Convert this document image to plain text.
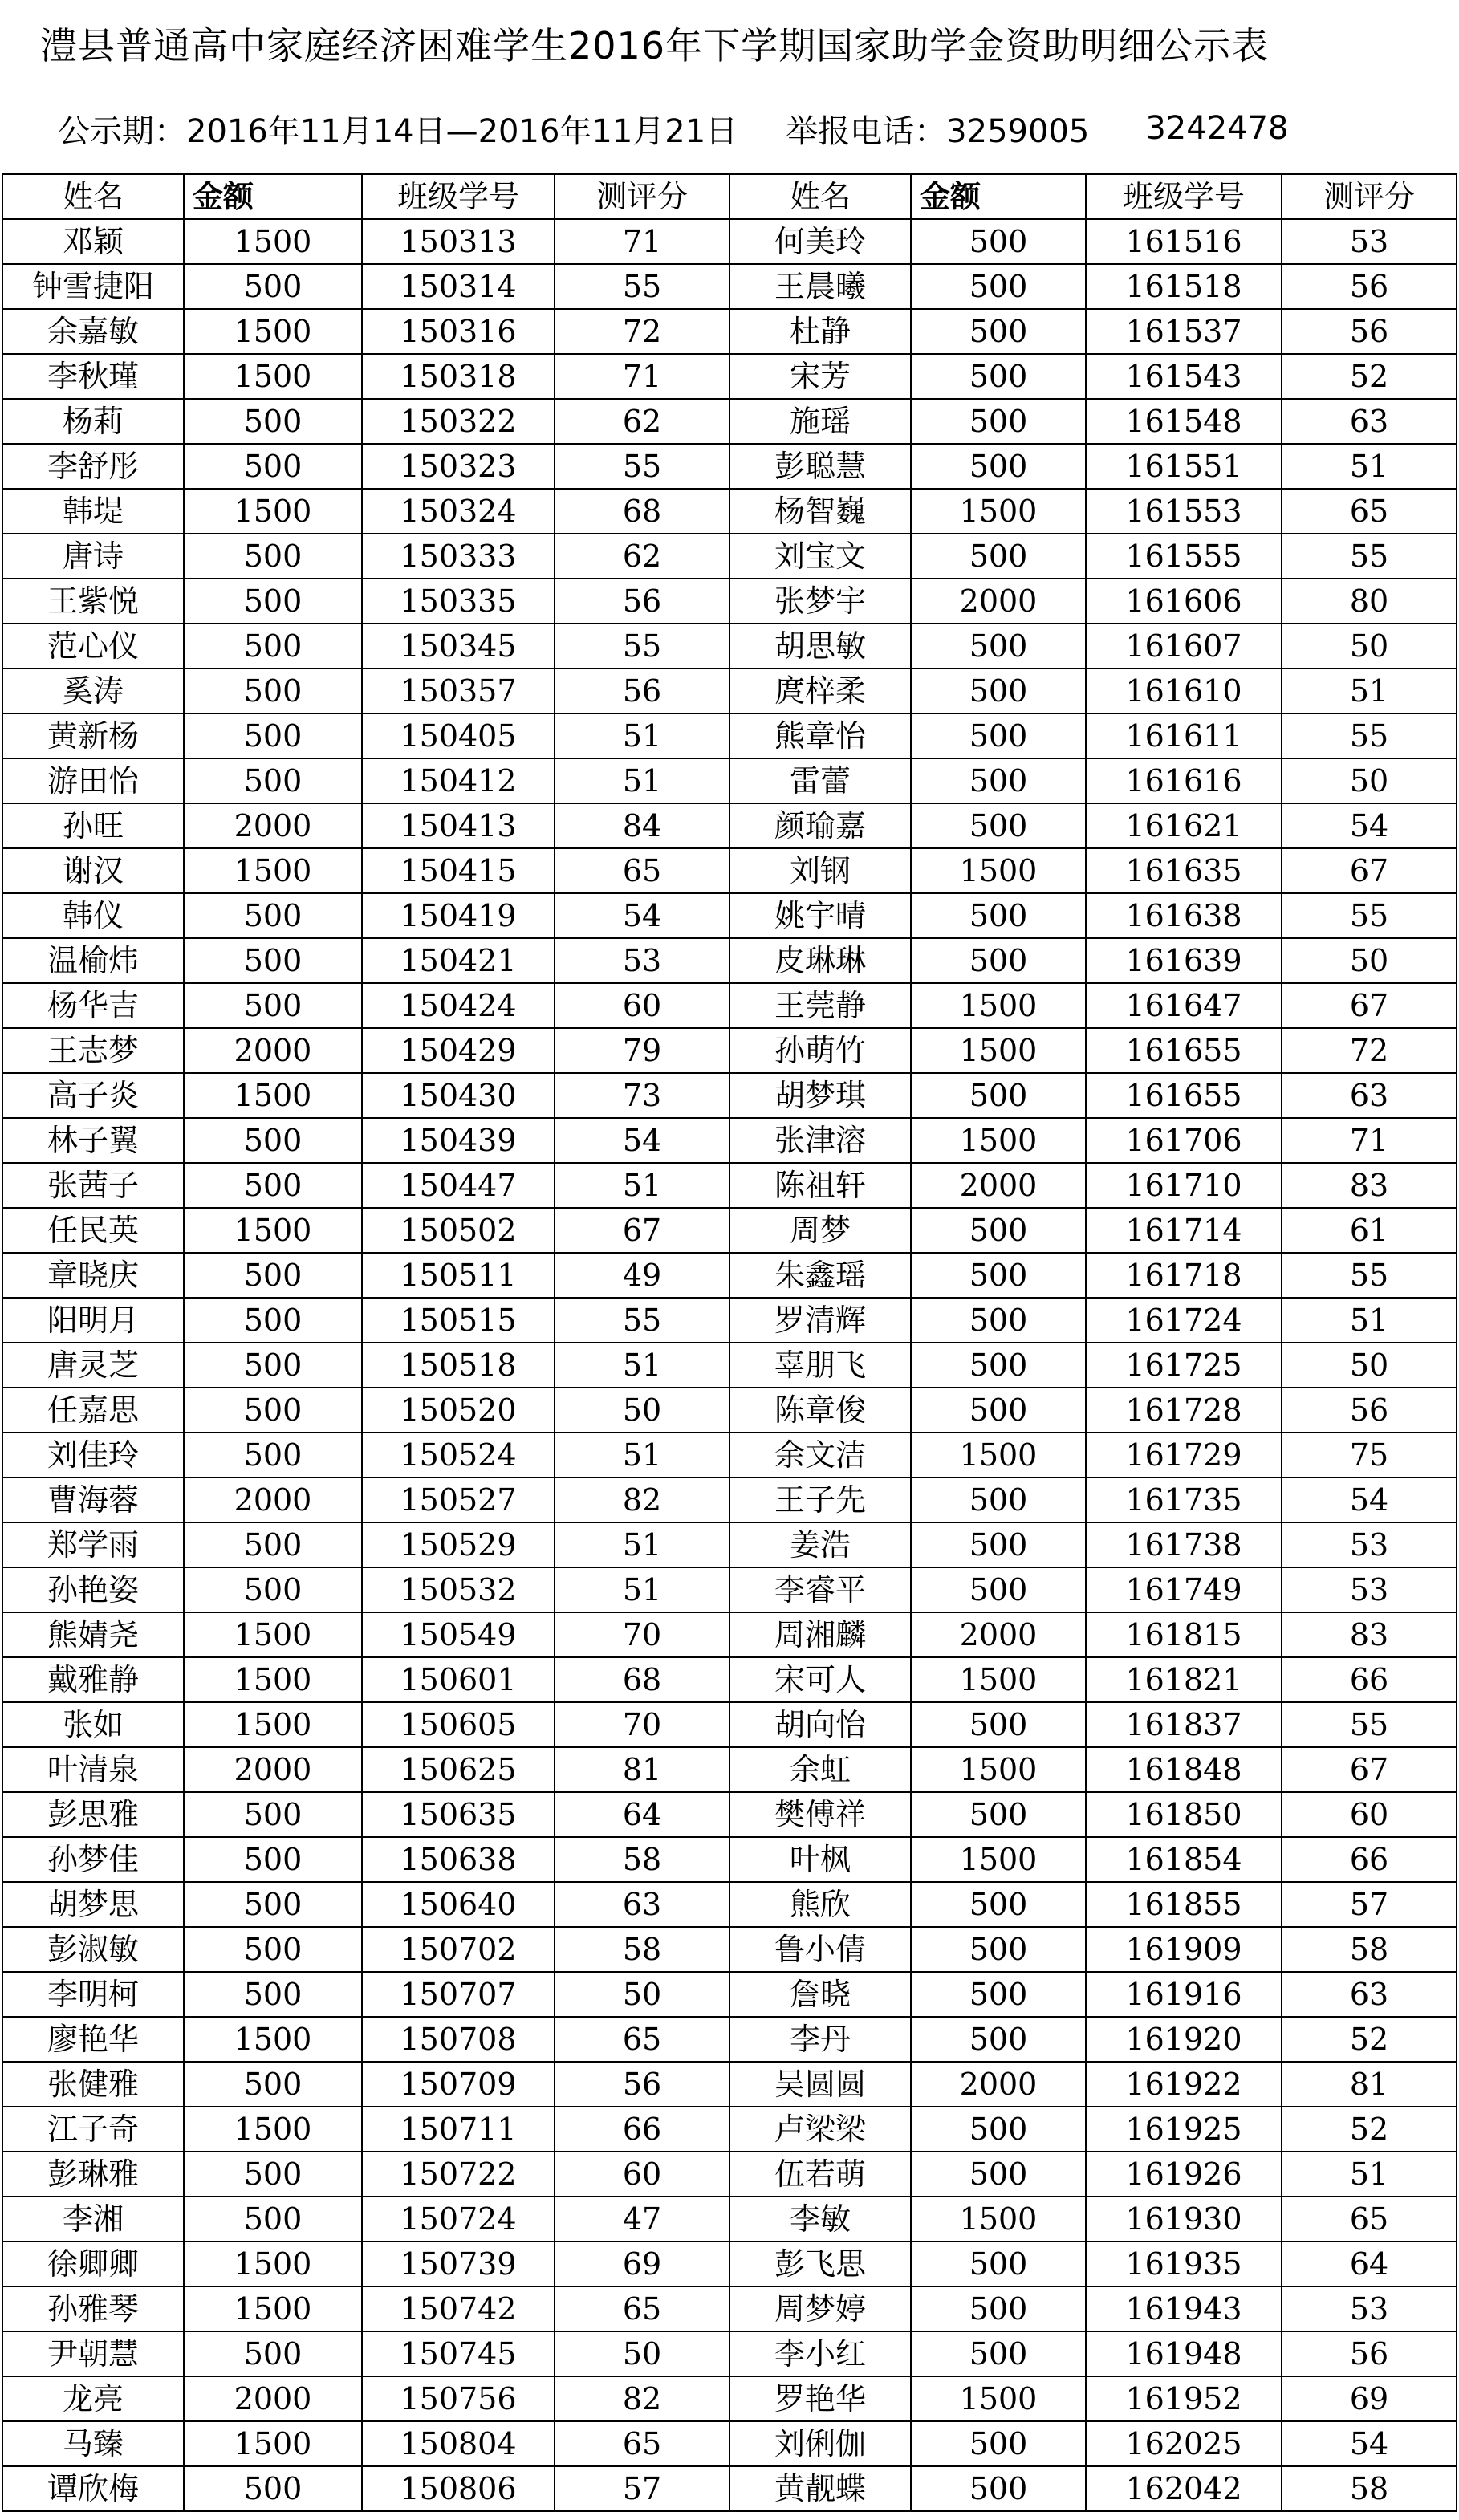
澧县普通高中家庭经济困难学生2016年下学期国家助学金资助明细公示表
公示期：2016年11月14日—2016年11月21日 举报电话：3259005 3242478
姓名	金额	班级学号	测评分	姓名	金额	班级学号	测评分
邓颖	1500	150313	71	何美玲	500	161516	53
钟雪捷阳	500	150314	55	王晨曦	500	161518	56
余嘉敏	1500	150316	72	杜静	500	161537	56
李秋瑾	1500	150318	71	宋芳	500	161543	52
杨莉	500	150322	62	施瑶	500	161548	63
李舒彤	500	150323	55	彭聪慧	500	161551	51
韩堤	1500	150324	68	杨智巍	1500	161553	65
唐诗	500	150333	62	刘宝文	500	161555	55
王紫悦	500	150335	56	张梦宇	2000	161606	80
范心仪	500	150345	55	胡思敏	500	161607	50
奚涛	500	150357	56	庹梓柔	500	161610	51
黄新杨	500	150405	51	熊章怡	500	161611	55
游田怡	500	150412	51	雷蕾	500	161616	50
孙旺	2000	150413	84	颜瑜嘉	500	161621	54
谢汉	1500	150415	65	刘钢	1500	161635	67
韩仪	500	150419	54	姚宇晴	500	161638	55
温榆炜	500	150421	53	皮琳琳	500	161639	50
杨华吉	500	150424	60	王莞静	1500	161647	67
王志梦	2000	150429	79	孙萌竹	1500	161655	72
高子炎	1500	150430	73	胡梦琪	500	161655	63
林子翼	500	150439	54	张津溶	1500	161706	71
张茜子	500	150447	51	陈祖轩	2000	161710	83
任民英	1500	150502	67	周梦	500	161714	61
章晓庆	500	150511	49	朱鑫瑶	500	161718	55
阳明月	500	150515	55	罗清辉	500	161724	51
唐灵芝	500	150518	51	辜朋飞	500	161725	50
任嘉思	500	150520	50	陈章俊	500	161728	56
刘佳玲	500	150524	51	余文洁	1500	161729	75
曹海蓉	2000	150527	82	王子先	500	161735	54
郑学雨	500	150529	51	姜浩	500	161738	53
孙艳姿	500	150532	51	李睿平	500	161749	53
熊婧尧	1500	150549	70	周湘麟	2000	161815	83
戴雅静	1500	150601	68	宋可人	1500	161821	66
张如	1500	150605	70	胡向怡	500	161837	55
叶清泉	2000	150625	81	余虹	1500	161848	67
彭思雅	500	150635	64	樊傅祥	500	161850	60
孙梦佳	500	150638	58	叶枫	1500	161854	66
胡梦思	500	150640	63	熊欣	500	161855	57
彭淑敏	500	150702	58	鲁小倩	500	161909	58
李明柯	500	150707	50	詹晓	500	161916	63
廖艳华	1500	150708	65	李丹	500	161920	52
张健雅	500	150709	56	吴圆圆	2000	161922	81
江子奇	1500	150711	66	卢梁梁	500	161925	52
彭琳雅	500	150722	60	伍若萌	500	161926	51
李湘	500	150724	47	李敏	1500	161930	65
徐卿卿	1500	150739	69	彭飞思	500	161935	64
孙雅琴	1500	150742	65	周梦婷	500	161943	53
尹朝慧	500	150745	50	李小红	500	161948	56
龙亮	2000	150756	82	罗艳华	1500	161952	69
马臻	1500	150804	65	刘俐伽	500	162025	54
谭欣梅	500	150806	57	黄靓蝶	500	162042	58
